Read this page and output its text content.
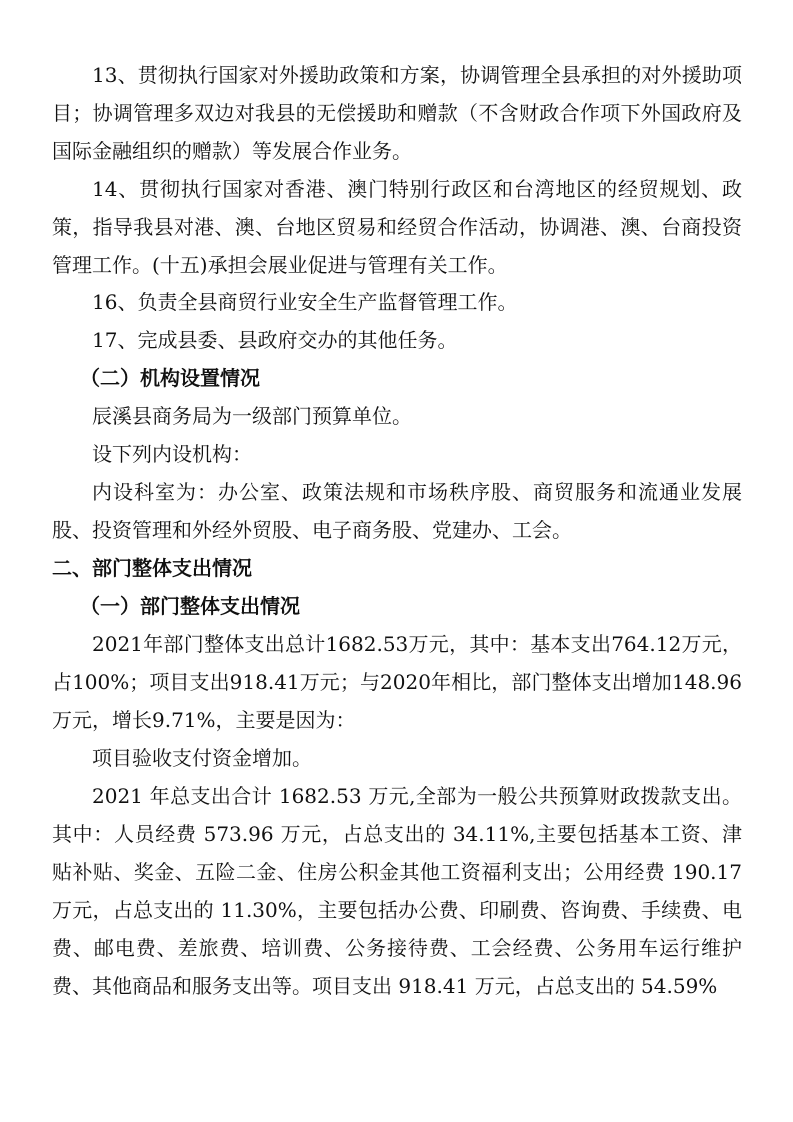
13、贯彻执行国家对外援助政策和方案，协调管理全县承担的对外援助项目；协调管理多双边对我县的无偿援助和赠款（不含财政合作项下外国政府及国际金融组织的赠款）等发展合作业务。

14、贯彻执行国家对香港、澳门特别行政区和台湾地区的经贸规划、政策，指导我县对港、澳、台地区贸易和经贸合作活动，协调港、澳、台商投资管理工作。(十五)承担会展业促进与管理有关工作。

16、负责全县商贸行业安全生产监督管理工作。

17、完成县委、县政府交办的其他任务。

（二）机构设置情况

辰溪县商务局为一级部门预算单位。

设下列内设机构：

内设科室为：办公室、政策法规和市场秩序股、商贸服务和流通业发展股、投资管理和外经外贸股、电子商务股、党建办、工会。

二、部门整体支出情况

（一）部门整体支出情况

2021年部门整体支出总计1682.53万元，其中：基本支出764.12万元，占100%；项目支出918.41万元；与2020年相比，部门整体支出增加148.96万元，增长9.71%，主要是因为：

项目验收支付资金增加。

2021 年总支出合计 1682.53 万元,全部为一般公共预算财政拨款支出。其中：人员经费 573.96 万元，占总支出的 34.11%,主要包括基本工资、津贴补贴、奖金、五险二金、住房公积金其他工资福利支出；公用经费 190.17 万元，占总支出的 11.30%，主要包括办公费、印刷费、咨询费、手续费、电费、邮电费、差旅费、培训费、公务接待费、工会经费、公务用车运行维护费、其他商品和服务支出等。项目支出 918.41 万元，占总支出的 54.59%
